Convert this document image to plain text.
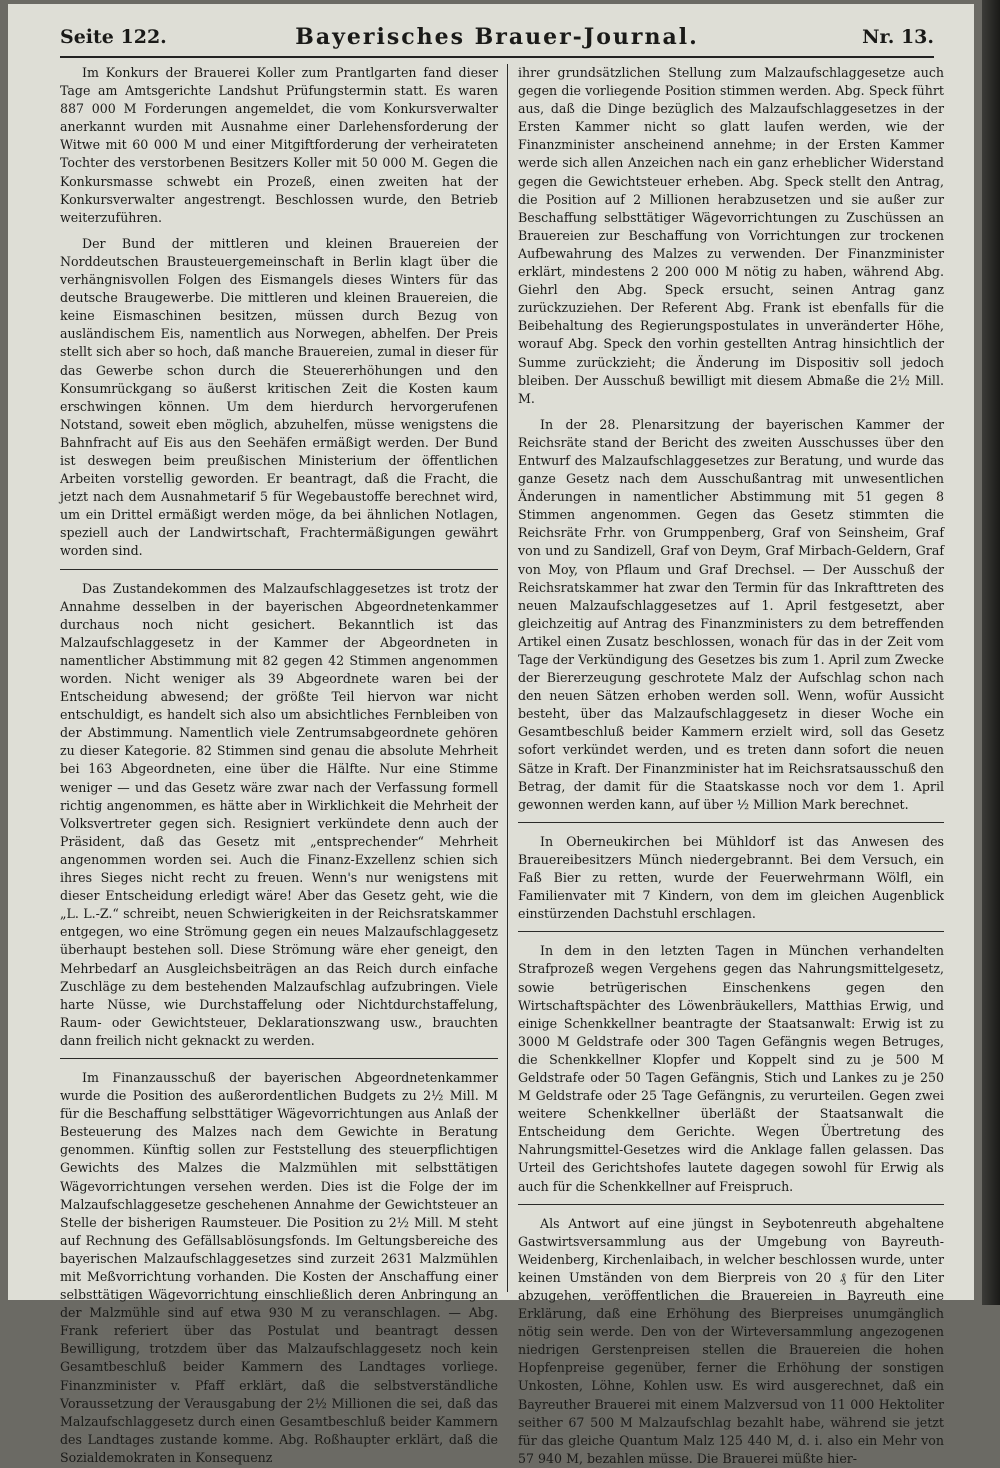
Seite 122.	Bayerisches Brauer-Journal.	Nr. 13.

Im Konkurs der Brauerei Koller zum Prantlgarten fand dieser Tage am Amtsgerichte Landshut Prüfungstermin statt. Es waren 887 000 M Forderungen angemeldet, die vom Konkursverwalter anerkannt wurden mit Ausnahme einer Darlehensforderung der Witwe mit 60 000 M und einer Mitgiftforderung der verheirateten Tochter des verstorbenen Besitzers Koller mit 50 000 M. Gegen die Konkursmasse schwebt ein Prozeß, einen zweiten hat der Konkursverwalter angestrengt. Beschlossen wurde, den Betrieb weiterzuführen.

Der Bund der mittleren und kleinen Brauereien der Norddeutschen Brausteuergemeinschaft in Berlin klagt über die verhängnisvollen Folgen des Eismangels dieses Winters für das deutsche Braugewerbe. Die mittleren und kleinen Brauereien, die keine Eismaschinen besitzen, müssen durch Bezug von ausländischem Eis, namentlich aus Norwegen, abhelfen. Der Preis stellt sich aber so hoch, daß manche Brauereien, zumal in dieser für das Gewerbe schon durch die Steuererhöhungen und den Konsumrückgang so äußerst kritischen Zeit die Kosten kaum erschwingen können. Um dem hierdurch hervorgerufenen Notstand, soweit eben möglich, abzuhelfen, müsse wenigstens die Bahnfracht auf Eis aus den Seehäfen ermäßigt werden. Der Bund ist deswegen beim preußischen Ministerium der öffentlichen Arbeiten vorstellig geworden. Er beantragt, daß die Fracht, die jetzt nach dem Ausnahmetarif 5 für Wegebaustoffe berechnet wird, um ein Drittel ermäßigt werden möge, da bei ähnlichen Notlagen, speziell auch der Landwirtschaft, Frachtermäßigungen gewährt worden sind.

Das Zustandekommen des Malzaufschlaggesetzes ist trotz der Annahme desselben in der bayerischen Abgeordnetenkammer durchaus noch nicht gesichert. Bekanntlich ist das Malzaufschlaggesetz in der Kammer der Abgeordneten in namentlicher Abstimmung mit 82 gegen 42 Stimmen angenommen worden. Nicht weniger als 39 Abgeordnete waren bei der Entscheidung abwesend; der größte Teil hiervon war nicht entschuldigt, es handelt sich also um absichtliches Fernbleiben von der Abstimmung. Namentlich viele Zentrumsabgeordnete gehören zu dieser Kategorie. 82 Stimmen sind genau die absolute Mehrheit bei 163 Abgeordneten, eine über die Hälfte. Nur eine Stimme weniger — und das Gesetz wäre zwar nach der Verfassung formell richtig angenommen, es hätte aber in Wirklichkeit die Mehrheit der Volksvertreter gegen sich. Resigniert verkündete denn auch der Präsident, daß das Gesetz mit „entsprechender“ Mehrheit angenommen worden sei. Auch die Finanz-Exzellenz schien sich ihres Sieges nicht recht zu freuen. Wenn's nur wenigstens mit dieser Entscheidung erledigt wäre! Aber das Gesetz geht, wie die „L. L.-Z.“ schreibt, neuen Schwierigkeiten in der Reichsratskammer entgegen, wo eine Strömung gegen ein neues Malzaufschlaggesetz überhaupt bestehen soll. Diese Strömung wäre eher geneigt, den Mehrbedarf an Ausgleichsbeiträgen an das Reich durch einfache Zuschläge zu dem bestehenden Malzaufschlag aufzubringen. Viele harte Nüsse, wie Durchstaffelung oder Nichtdurchstaffelung, Raum- oder Gewichtsteuer, Deklarationszwang usw., brauchten dann freilich nicht geknackt zu werden.

Im Finanzausschuß der bayerischen Abgeordnetenkammer wurde die Position des außerordentlichen Budgets zu 2½ Mill. M für die Beschaffung selbsttätiger Wägevorrichtungen aus Anlaß der Besteuerung des Malzes nach dem Gewichte in Beratung genommen. Künftig sollen zur Feststellung des steuerpflichtigen Gewichts des Malzes die Malzmühlen mit selbsttätigen Wägevorrichtungen versehen werden. Dies ist die Folge der im Malzaufschlaggesetze geschehenen Annahme der Gewichtsteuer an Stelle der bisherigen Raumsteuer. Die Position zu 2½ Mill. M steht auf Rechnung des Gefällsablösungsfonds. Im Geltungsbereiche des bayerischen Malzaufschlaggesetzes sind zurzeit 2631 Malzmühlen mit Meßvorrichtung vorhanden. Die Kosten der Anschaffung einer selbsttätigen Wägevorrichtung einschließlich deren Anbringung an der Malzmühle sind auf etwa 930 M zu veranschlagen. — Abg. Frank referiert über das Postulat und beantragt dessen Bewilligung, trotzdem über das Malzaufschlaggesetz noch kein Gesamtbeschluß beider Kammern des Landtages vorliege. Finanzminister v. Pfaff erklärt, daß die selbstverständliche Voraussetzung der Verausgabung der 2½ Millionen die sei, daß das Malzaufschlaggesetz durch einen Gesamtbeschluß beider Kammern des Landtages zustande komme. Abg. Roßhaupter erklärt, daß die Sozialdemokraten in Konsequenz

ihrer grundsätzlichen Stellung zum Malzaufschlaggesetze auch gegen die vorliegende Position stimmen werden. Abg. Speck führt aus, daß die Dinge bezüglich des Malzaufschlaggesetzes in der Ersten Kammer nicht so glatt laufen werden, wie der Finanzminister anscheinend annehme; in der Ersten Kammer werde sich allen Anzeichen nach ein ganz erheblicher Widerstand gegen die Gewichtsteuer erheben. Abg. Speck stellt den Antrag, die Position auf 2 Millionen herabzusetzen und sie außer zur Beschaffung selbsttätiger Wägevorrichtungen zu Zuschüssen an Brauereien zur Beschaffung von Vorrichtungen zur trockenen Aufbewahrung des Malzes zu verwenden. Der Finanzminister erklärt, mindestens 2 200 000 M nötig zu haben, während Abg. Giehrl den Abg. Speck ersucht, seinen Antrag ganz zurückzuziehen. Der Referent Abg. Frank ist ebenfalls für die Beibehaltung des Regierungspostulates in unveränderter Höhe, worauf Abg. Speck den vorhin gestellten Antrag hinsichtlich der Summe zurückzieht; die Änderung im Dispositiv soll jedoch bleiben. Der Ausschuß bewilligt mit diesem Abmaße die 2½ Mill. M.

In der 28. Plenarsitzung der bayerischen Kammer der Reichsräte stand der Bericht des zweiten Ausschusses über den Entwurf des Malzaufschlaggesetzes zur Beratung, und wurde das ganze Gesetz nach dem Ausschußantrag mit unwesentlichen Änderungen in namentlicher Abstimmung mit 51 gegen 8 Stimmen angenommen. Gegen das Gesetz stimmten die Reichsräte Frhr. von Grumppenberg, Graf von Seinsheim, Graf von und zu Sandizell, Graf von Deym, Graf Mirbach-Geldern, Graf von Moy, von Pflaum und Graf Drechsel. — Der Ausschuß der Reichsratskammer hat zwar den Termin für das Inkrafttreten des neuen Malzaufschlaggesetzes auf 1. April festgesetzt, aber gleichzeitig auf Antrag des Finanzministers zu dem betreffenden Artikel einen Zusatz beschlossen, wonach für das in der Zeit vom Tage der Verkündigung des Gesetzes bis zum 1. April zum Zwecke der Biererzeugung geschrotete Malz der Aufschlag schon nach den neuen Sätzen erhoben werden soll. Wenn, wofür Aussicht besteht, über das Malzaufschlaggesetz in dieser Woche ein Gesamtbeschluß beider Kammern erzielt wird, soll das Gesetz sofort verkündet werden, und es treten dann sofort die neuen Sätze in Kraft. Der Finanzminister hat im Reichsratsausschuß den Betrag, der damit für die Staatskasse noch vor dem 1. April gewonnen werden kann, auf über ½ Million Mark berechnet.

In Oberneukirchen bei Mühldorf ist das Anwesen des Brauereibesitzers Münch niedergebrannt. Bei dem Versuch, ein Faß Bier zu retten, wurde der Feuerwehrmann Wölfl, ein Familienvater mit 7 Kindern, von dem im gleichen Augenblick einstürzenden Dachstuhl erschlagen.

In dem in den letzten Tagen in München verhandelten Strafprozeß wegen Vergehens gegen das Nahrungsmittelgesetz, sowie betrügerischen Einschenkens gegen den Wirtschaftspächter des Löwenbräukellers, Matthias Erwig, und einige Schenkkellner beantragte der Staatsanwalt: Erwig ist zu 3000 M Geldstrafe oder 300 Tagen Gefängnis wegen Betruges, die Schenkkellner Klopfer und Koppelt sind zu je 500 M Geldstrafe oder 50 Tagen Gefängnis, Stich und Lankes zu je 250 M Geldstrafe oder 25 Tage Gefängnis, zu verurteilen. Gegen zwei weitere Schenkkellner überläßt der Staatsanwalt die Entscheidung dem Gerichte. Wegen Übertretung des Nahrungsmittel-Gesetzes wird die Anklage fallen gelassen. Das Urteil des Gerichtshofes lautete dagegen sowohl für Erwig als auch für die Schenkkellner auf Freispruch.

Als Antwort auf eine jüngst in Seybotenreuth abgehaltene Gastwirtsversammlung aus der Umgebung von Bayreuth-Weidenberg, Kirchenlaibach, in welcher beschlossen wurde, unter keinen Umständen von dem Bierpreis von 20 ₰ für den Liter abzugehen, veröffentlichen die Brauereien in Bayreuth eine Erklärung, daß eine Erhöhung des Bierpreises unumgänglich nötig sein werde. Den von der Wirteversammlung angezogenen niedrigen Gerstenpreisen stellen die Brauereien die hohen Hopfenpreise gegenüber, ferner die Erhöhung der sonstigen Unkosten, Löhne, Kohlen usw. Es wird ausgerechnet, daß ein Bayreuther Brauerei mit einem Malzversud von 11 000 Hektoliter seither 67 500 M Malzaufschlag bezahlt habe, während sie jetzt für das gleiche Quantum Malz 125 440 M, d. i. also ein Mehr von 57 940 M, bezahlen müsse. Die Brauerei müßte hier-
